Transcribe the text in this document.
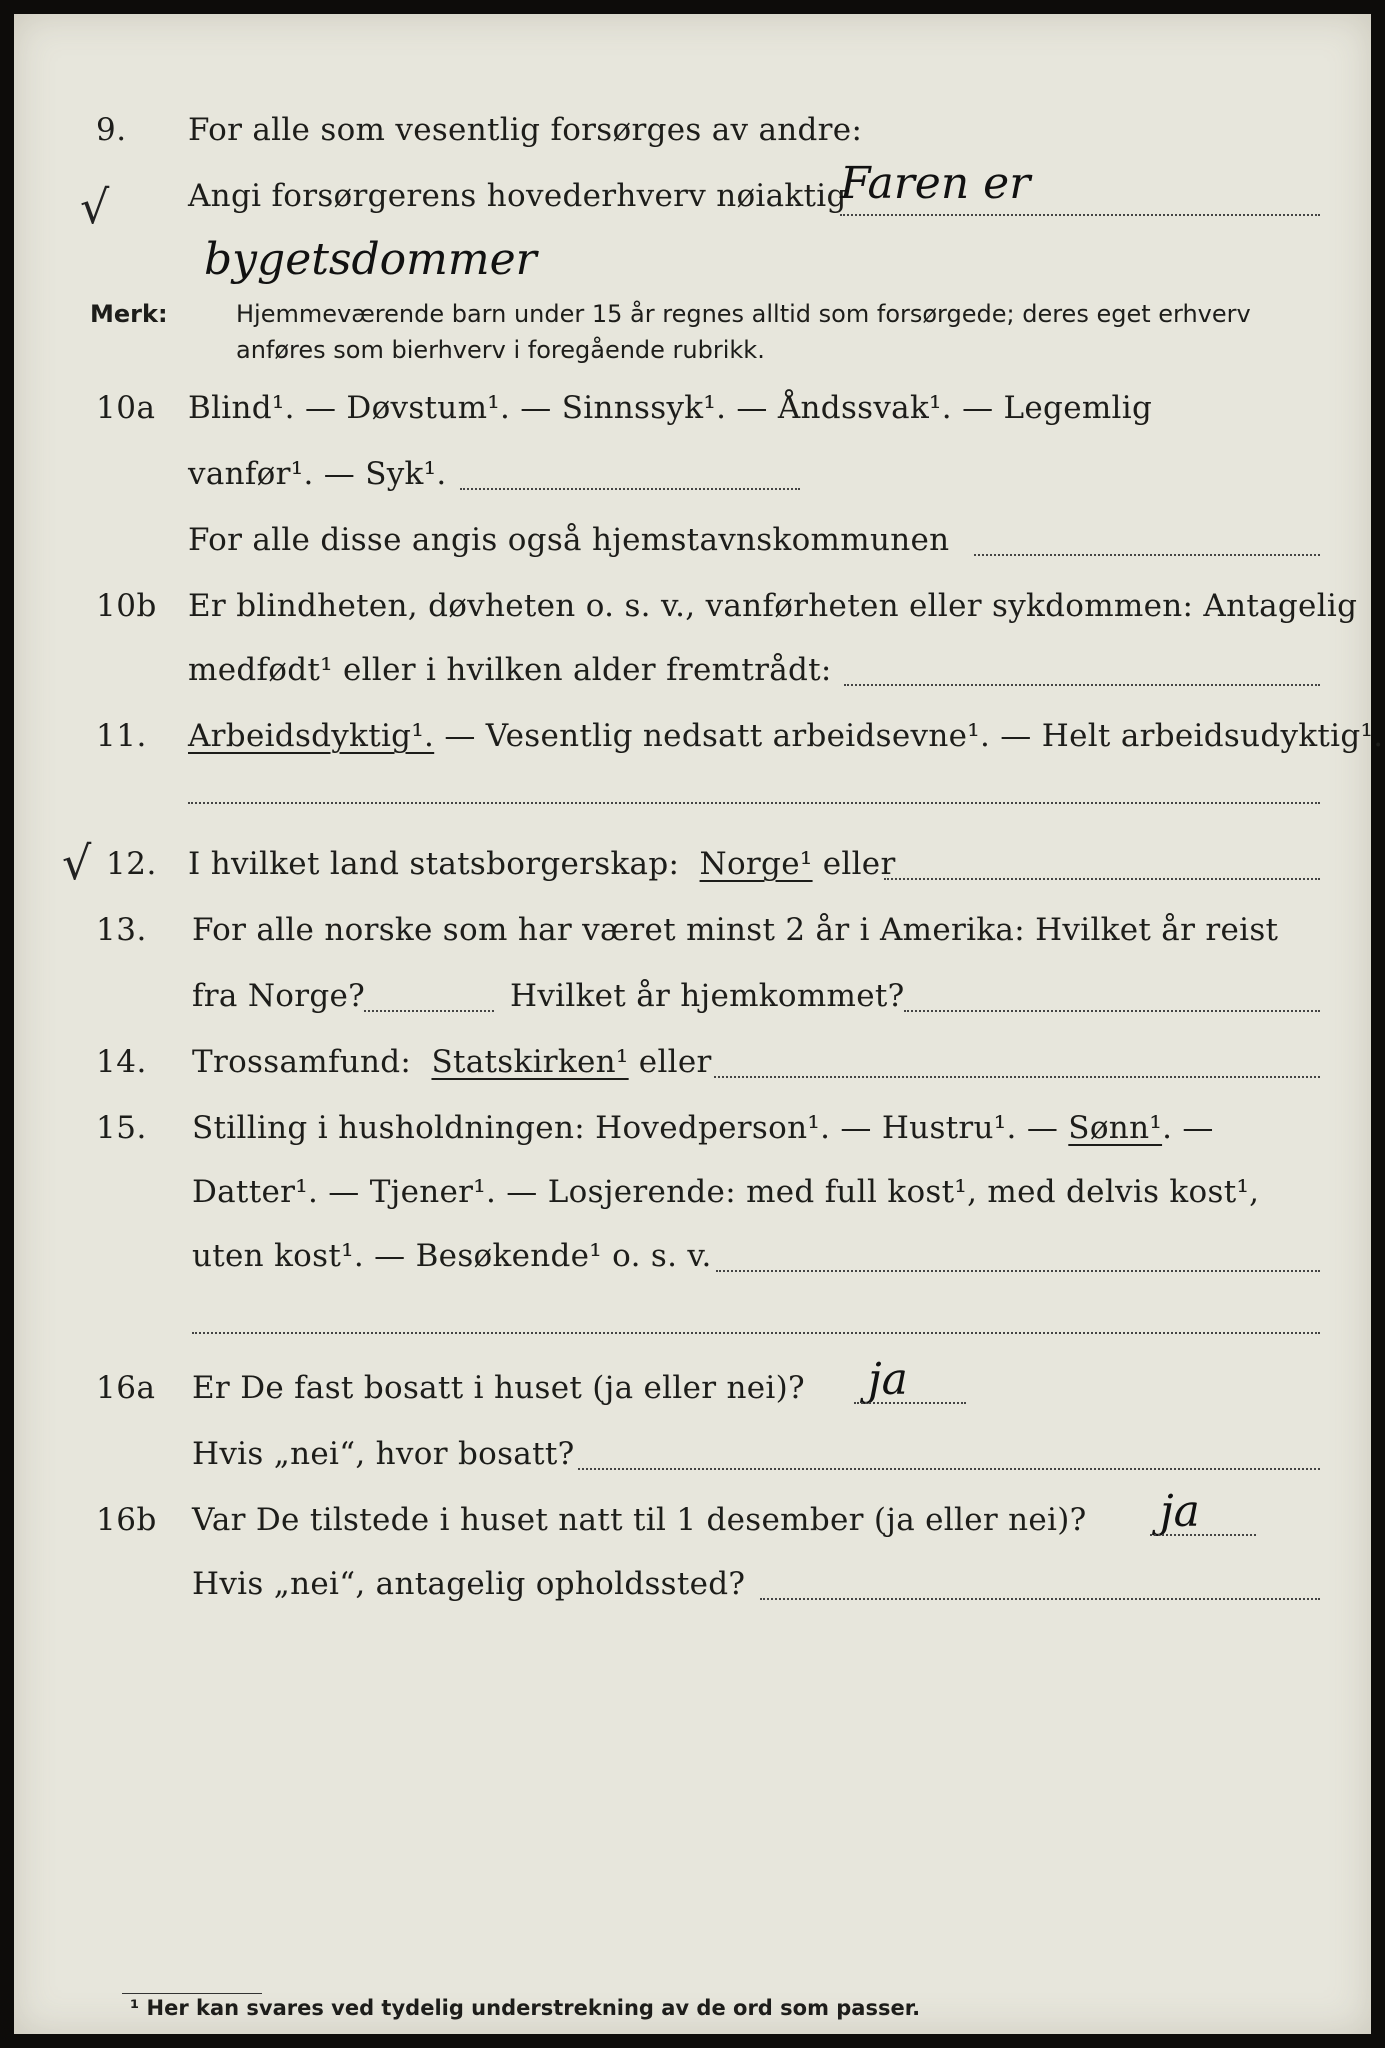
9. For alle som vesentlig forsørges av andre:
√	Angi forsørgerens hovederhverv nøiaktig
Faren er
bygetsdommer
Merk:	Hjemmeværende barn under 15 år regnes alltid som forsørgede; deres eget erhverv
anføres som bierhverv i foregående rubrikk.
10a Blind¹. — Døvstum¹. — Sinnssyk¹. — Åndssvak¹. — Legemlig
vanfør¹. — Syk¹.
For alle disse angis også hjemstavnskommunen
10b Er blindheten, døvheten o. s. v., vanførheten eller sykdommen: Antagelig
medfødt¹ eller i hvilken alder fremtrådt:
11. Arbeidsdyktig¹. — Vesentlig nedsatt arbeidsevne¹. — Helt arbeidsudyktig¹.
√ 12. I hvilket land statsborgerskap: Norge¹ eller
13. For alle norske som har været minst 2 år i Amerika: Hvilket år reist
fra Norge?	Hvilket år hjemkommet?
14. Trossamfund: Statskirken¹ eller
15. Stilling i husholdningen: Hovedperson¹. — Hustru¹. — Sønn¹. —
Datter¹. — Tjener¹. — Losjerende: med full kost¹, med delvis kost¹,
uten kost¹. — Besøkende¹ o. s. v.
16a Er De fast bosatt i huset (ja eller nei)? ja
Hvis „nei“, hvor bosatt?
16b Var De tilstede i huset natt til 1 desember (ja eller nei)? ja
Hvis „nei“, antagelig opholdssted?
¹ Her kan svares ved tydelig understrekning av de ord som passer.
